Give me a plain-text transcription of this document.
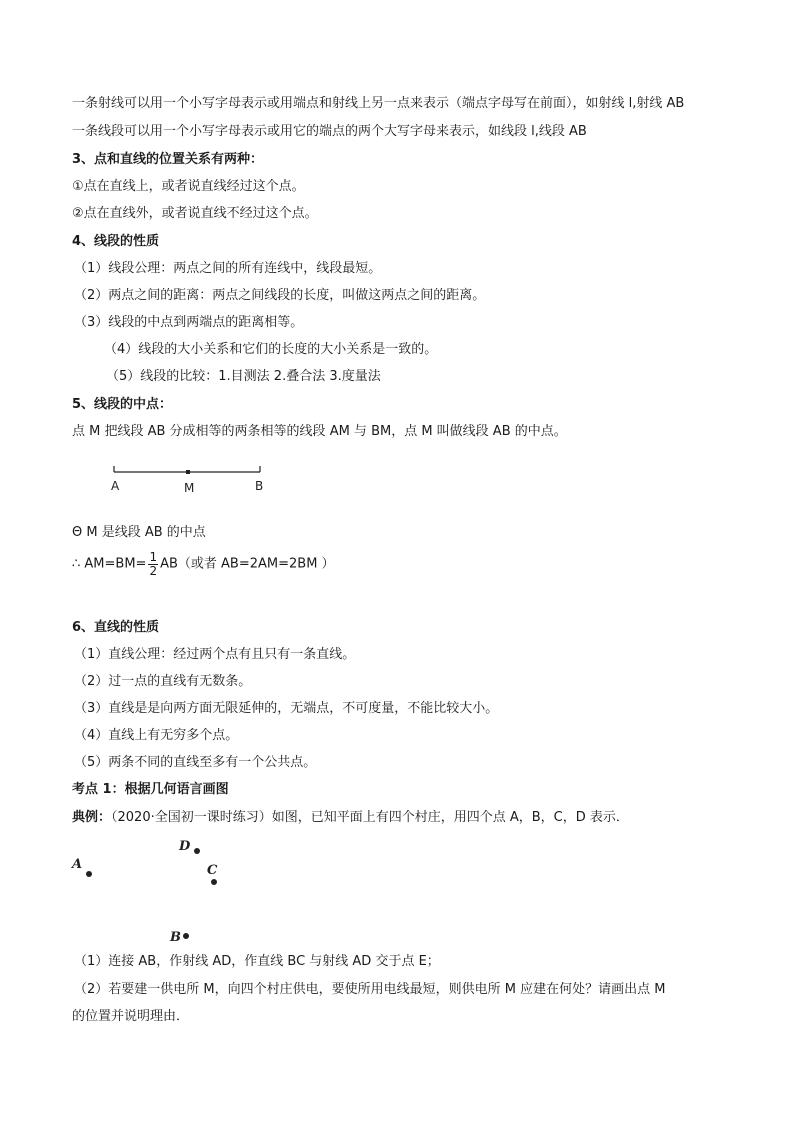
一条射线可以用一个小写字母表示或用端点和射线上另一点来表示（端点字母写在前面），如射线 l,射线 AB
一条线段可以用一个小写字母表示或用它的端点的两个大写字母来表示，如线段 l,线段 AB
3、点和直线的位置关系有两种：
①点在直线上，或者说直线经过这个点。
②点在直线外，或者说直线不经过这个点。
4、线段的性质
（1）线段公理：两点之间的所有连线中，线段最短。
（2）两点之间的距离：两点之间线段的长度，叫做这两点之间的距离。
（3）线段的中点到两端点的距离相等。
（4）线段的大小关系和它们的长度的大小关系是一致的。
（5）线段的比较：1.目测法 2.叠合法 3.度量法
5、线段的中点：
点 M 把线段 AB 分成相等的两条相等的线段 AM 与 BM，点 M 叫做线段 AB 的中点。
A	M	B
Θ M 是线段 AB 的中点
∴ $AM=BM= \frac{1}{2} AB$（或者 AB=2AM=2BM ）
6、直线的性质
（1）直线公理：经过两个点有且只有一条直线。
（2）过一点的直线有无数条。
（3）直线是是向两方面无限延伸的，无端点，不可度量，不能比较大小。
（4）直线上有无穷多个点。
（5）两条不同的直线至多有一个公共点。
考点 1：根据几何语言画图
典例：（2020·全国初一课时练习）如图，已知平面上有四个村庄，用四个点 A，B，C，D 表示．
A
D
C
B
（1）连接 AB，作射线 AD，作直线 BC 与射线 AD 交于点 E；
（2）若要建一供电所 M，向四个村庄供电，要使所用电线最短，则供电所 M 应建在何处？请画出点 M
的位置并说明理由．
